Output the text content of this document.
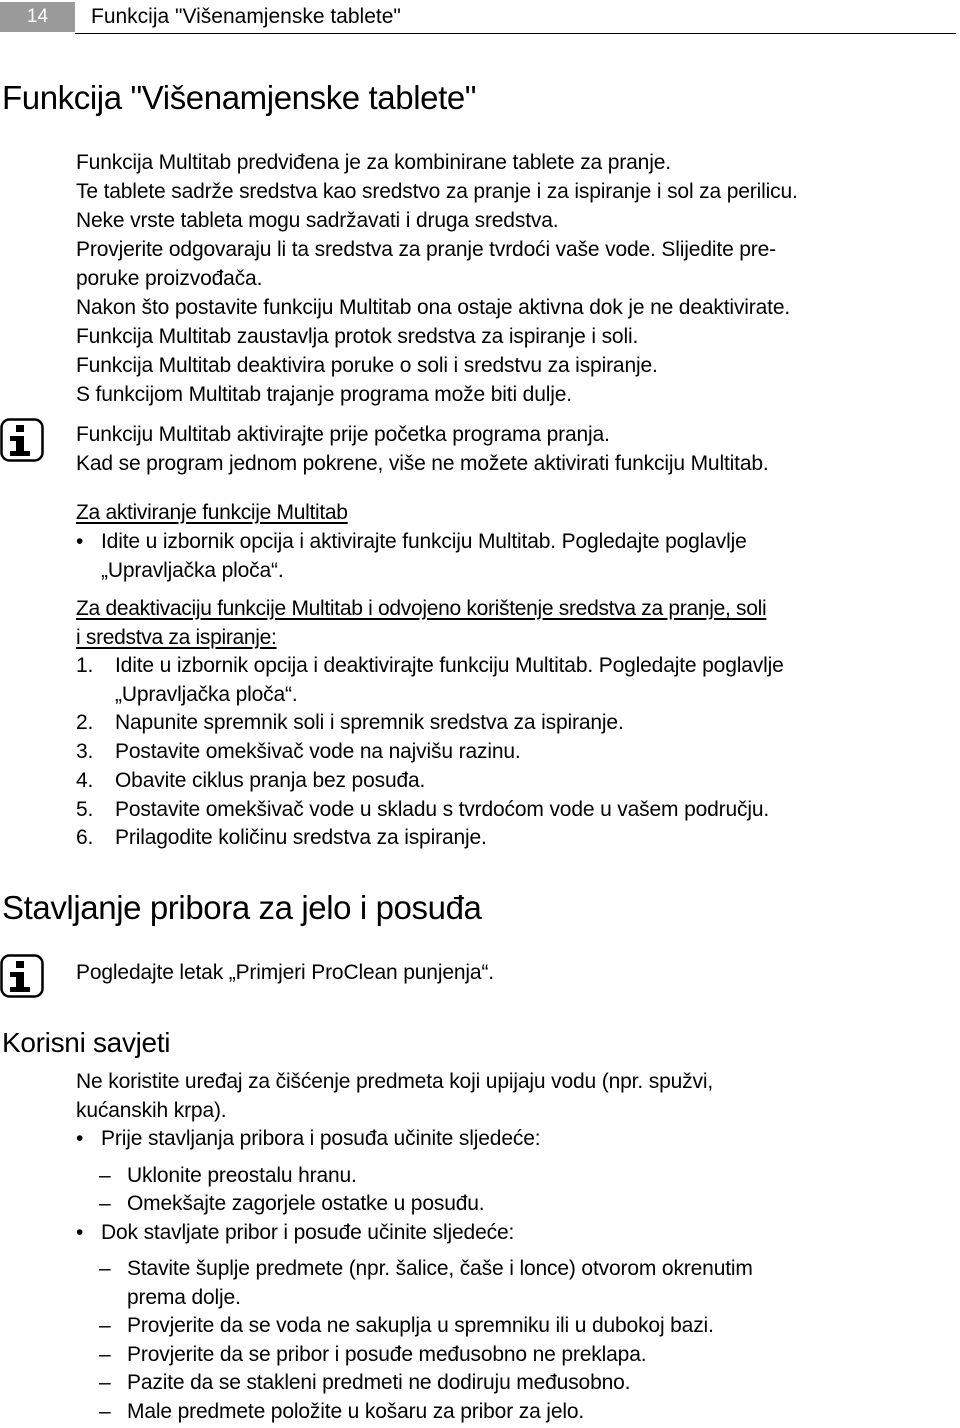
14	Funkcija "Višenamjenske tablete"
Funkcija "Višenamjenske tablete"
Funkcija Multitab predviđena je za kombinirane tablete za pranje.
Te tablete sadrže sredstva kao sredstvo za pranje i za ispiranje i sol za perilicu.
Neke vrste tableta mogu sadržavati i druga sredstva.
Provjerite odgovaraju li ta sredstva za pranje tvrdoći vaše vode. Slijedite pre-
poruke proizvođača.
Nakon što postavite funkciju Multitab ona ostaje aktivna dok je ne deaktivirate.
Funkcija Multitab zaustavlja protok sredstva za ispiranje i soli.
Funkcija Multitab deaktivira poruke o soli i sredstvu za ispiranje.
S funkcijom Multitab trajanje programa može biti dulje.
Funkciju Multitab aktivirajte prije početka programa pranja.
Kad se program jednom pokrene, više ne možete aktivirati funkciju Multitab.
Za aktiviranje funkcije Multitab
• Idite u izbornik opcija i aktivirajte funkciju Multitab. Pogledajte poglavlje
„Upravljačka ploča“.
Za deaktivaciju funkcije Multitab i odvojeno korištenje sredstva za pranje, soli
i sredstva za ispiranje:
1. Idite u izbornik opcija i deaktivirajte funkciju Multitab. Pogledajte poglavlje
„Upravljačka ploča“.
2. Napunite spremnik soli i spremnik sredstva za ispiranje.
3. Postavite omekšivač vode na najvišu razinu.
4. Obavite ciklus pranja bez posuđa.
5. Postavite omekšivač vode u skladu s tvrdoćom vode u vašem području.
6. Prilagodite količinu sredstva za ispiranje.
Stavljanje pribora za jelo i posuđa
Pogledajte letak „Primjeri ProClean punjenja“.
Korisni savjeti
Ne koristite uređaj za čišćenje predmeta koji upijaju vodu (npr. spužvi,
kućanskih krpa).
• Prije stavljanja pribora i posuđa učinite sljedeće:
– Uklonite preostalu hranu.
– Omekšajte zagorjele ostatke u posuđu.
• Dok stavljate pribor i posuđe učinite sljedeće:
– Stavite šuplje predmete (npr. šalice, čaše i lonce) otvorom okrenutim
prema dolje.
– Provjerite da se voda ne sakuplja u spremniku ili u dubokoj bazi.
– Provjerite da se pribor i posuđe međusobno ne preklapa.
– Pazite da se stakleni predmeti ne dodiruju međusobno.
– Male predmete položite u košaru za pribor za jelo.
